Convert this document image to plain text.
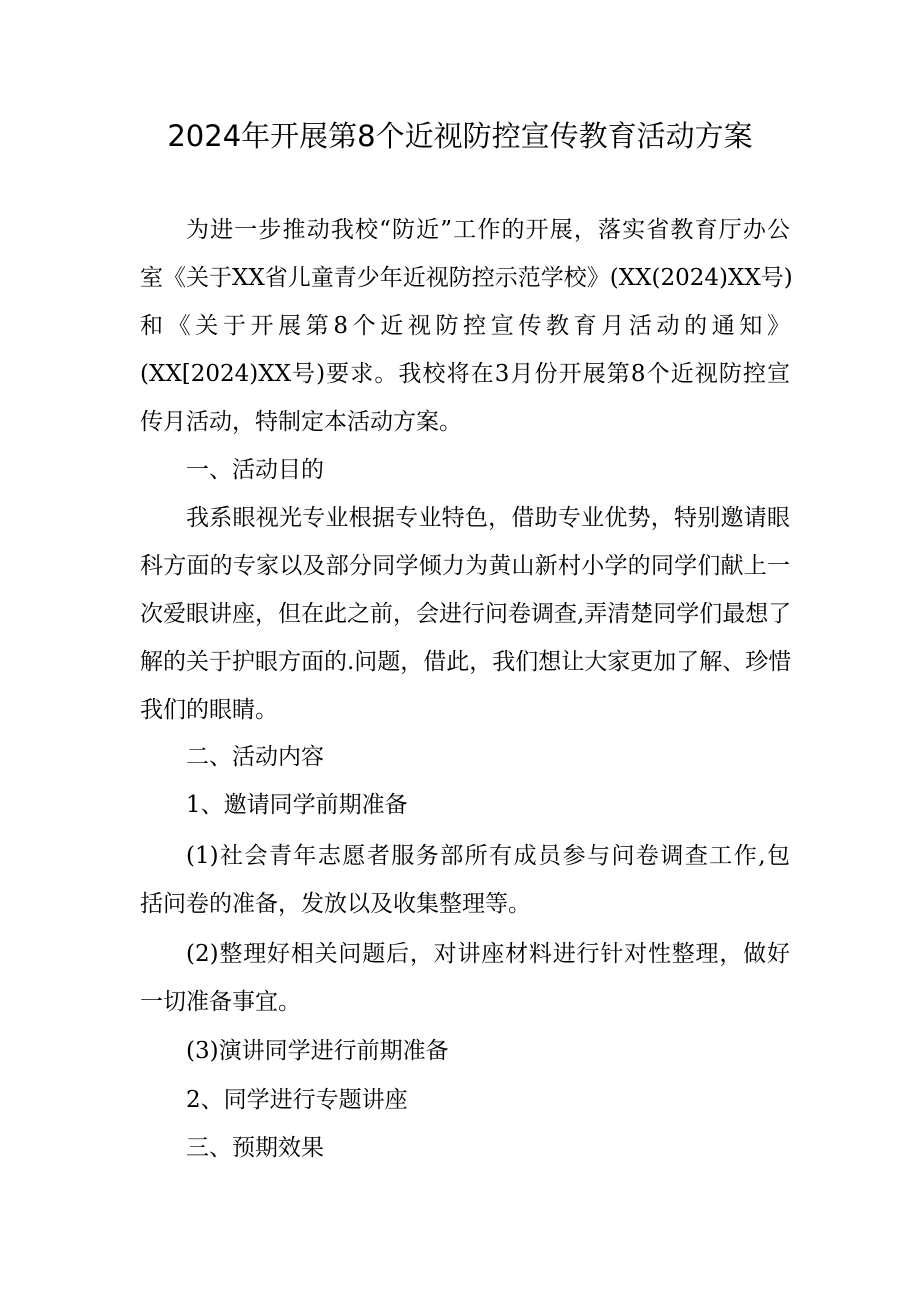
2024年开展第8个近视防控宣传教育活动方案
为进一步推动我校“防近”工作的开展，落实省教育厅办公
室《关于XX省儿童青少年近视防控示范学校》(XX(2024)XX号)
和《关于开展第8个近视防控宣传教育月活动的通知》
(XX[2024)XX号)要求。我校将在3月份开展第8个近视防控宣
传月活动，特制定本活动方案。
一、活动目的
我系眼视光专业根据专业特色，借助专业优势，特别邀请眼
科方面的专家以及部分同学倾力为黄山新村小学的同学们献上一
次爱眼讲座，但在此之前，会进行问卷调查,弄清楚同学们最想了
解的关于护眼方面的.问题，借此，我们想让大家更加了解、珍惜
我们的眼睛。
二、活动内容
1、邀请同学前期准备
(1)社会青年志愿者服务部所有成员参与问卷调查工作,包
括问卷的准备，发放以及收集整理等。
(2)整理好相关问题后，对讲座材料进行针对性整理，做好
一切准备事宜。
(3)演讲同学进行前期准备
2、同学进行专题讲座
三、预期效果
